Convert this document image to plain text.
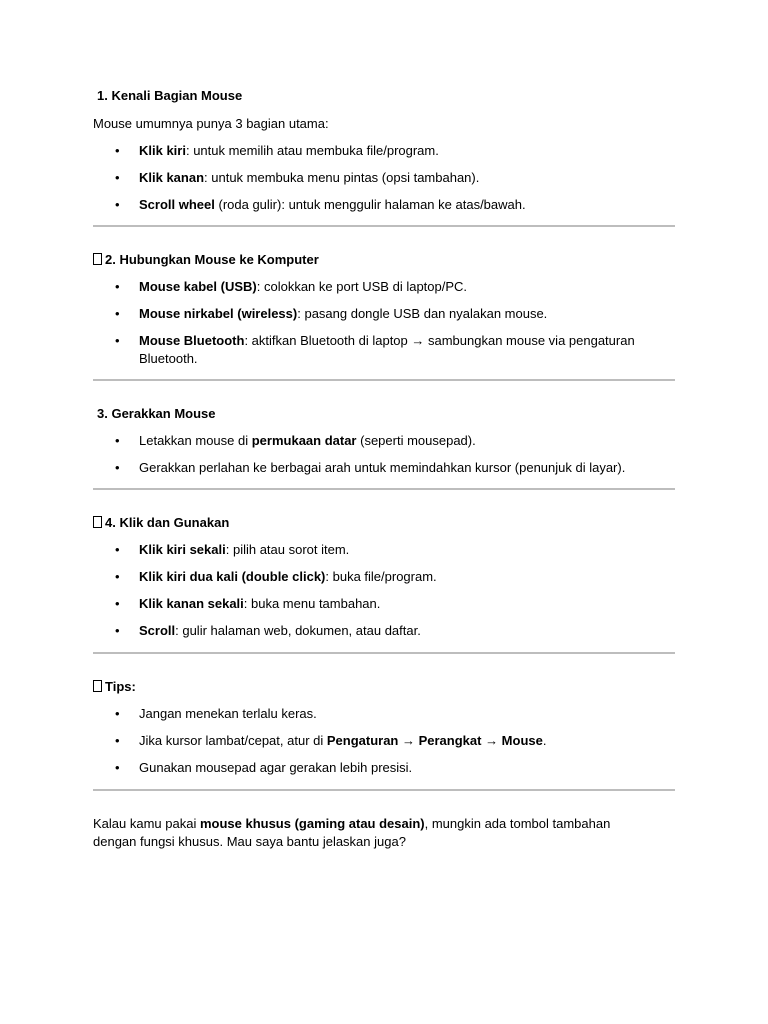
1. Kenali Bagian Mouse

Mouse umumnya punya 3 bagian utama:

• Klik kiri: untuk memilih atau membuka file/program.
• Klik kanan: untuk membuka menu pintas (opsi tambahan).
• Scroll wheel (roda gulir): untuk menggulir halaman ke atas/bawah.

2. Hubungkan Mouse ke Komputer

• Mouse kabel (USB): colokkan ke port USB di laptop/PC.
• Mouse nirkabel (wireless): pasang dongle USB dan nyalakan mouse.
• Mouse Bluetooth: aktifkan Bluetooth di laptop → sambungkan mouse via pengaturan Bluetooth.

3. Gerakkan Mouse

• Letakkan mouse di permukaan datar (seperti mousepad).
• Gerakkan perlahan ke berbagai arah untuk memindahkan kursor (penunjuk di layar).

4. Klik dan Gunakan

• Klik kiri sekali: pilih atau sorot item.
• Klik kiri dua kali (double click): buka file/program.
• Klik kanan sekali: buka menu tambahan.
• Scroll: gulir halaman web, dokumen, atau daftar.

Tips:

• Jangan menekan terlalu keras.
• Jika kursor lambat/cepat, atur di Pengaturan → Perangkat → Mouse.
• Gunakan mousepad agar gerakan lebih presisi.

Kalau kamu pakai mouse khusus (gaming atau desain), mungkin ada tombol tambahan dengan fungsi khusus. Mau saya bantu jelaskan juga?
